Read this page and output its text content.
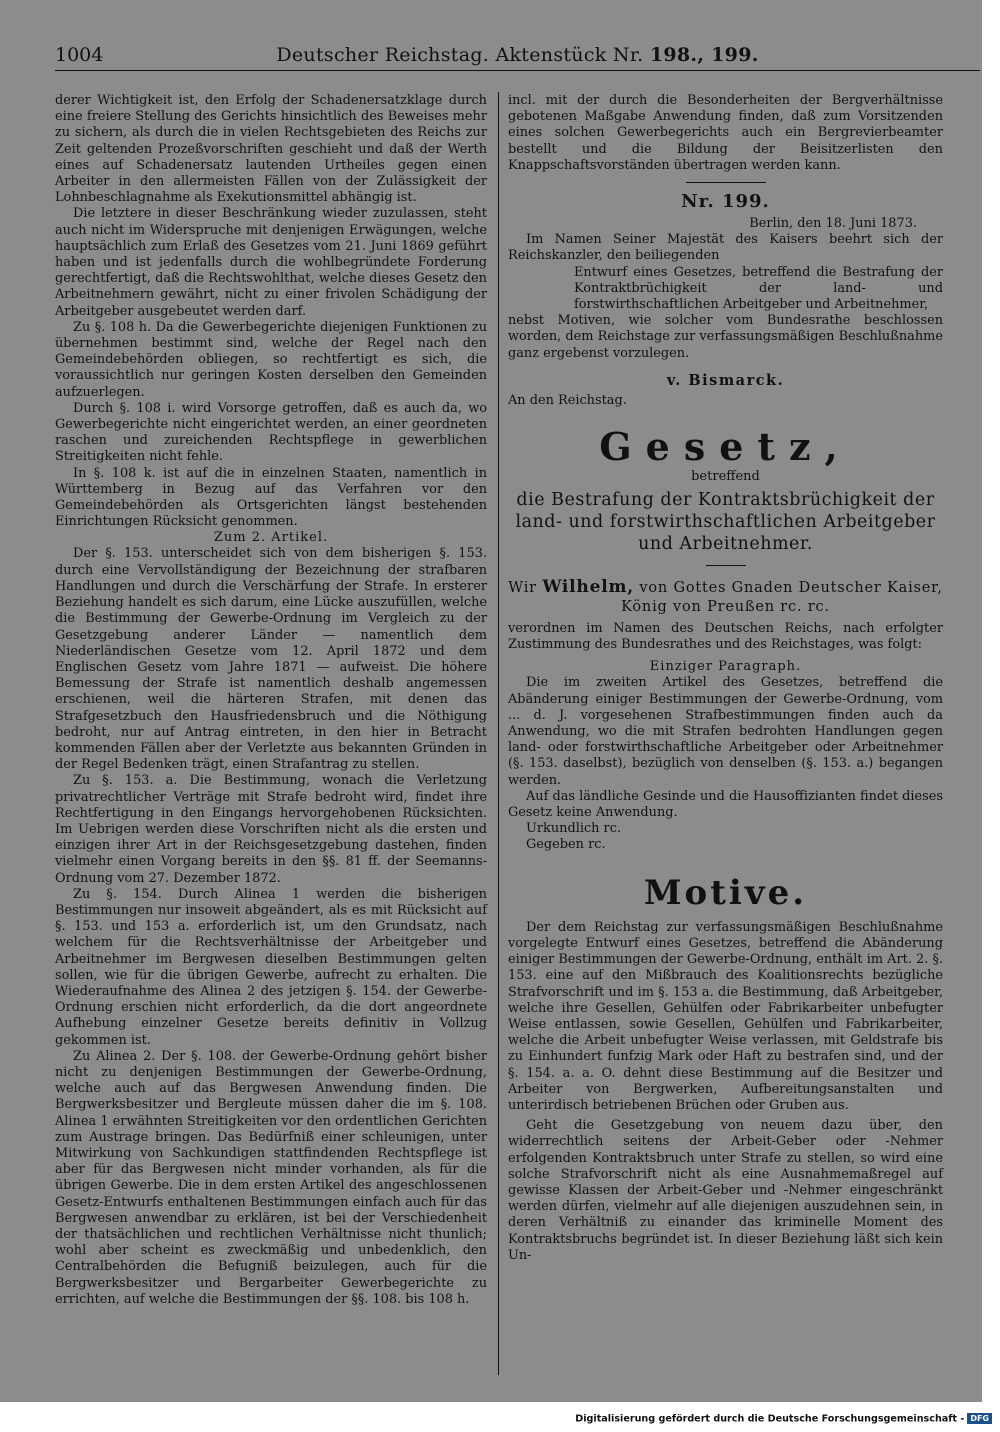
1004	Deutscher Reichstag. Aktenstück Nr. 198., 199.

derer Wichtigkeit ist, den Erfolg der Schadenersatzklage durch eine freiere Stellung des Gerichts hinsichtlich des Beweises mehr zu sichern, als durch die in vielen Rechtsgebieten des Reichs zur Zeit geltenden Prozeßvorschriften geschieht und daß der Werth eines auf Schadenersatz lautenden Urtheiles gegen einen Arbeiter in den allermeisten Fällen von der Zulässigkeit der Lohnbeschlagnahme als Exekutionsmittel abhängig ist.

Die letztere in dieser Beschränkung wieder zuzulassen, steht auch nicht im Widerspruche mit denjenigen Erwägungen, welche hauptsächlich zum Erlaß des Gesetzes vom 21. Juni 1869 geführt haben und ist jedenfalls durch die wohlbegründete Forderung gerechtfertigt, daß die Rechtswohlthat, welche dieses Gesetz den Arbeitnehmern gewährt, nicht zu einer frivolen Schädigung der Arbeitgeber ausgebeutet werden darf.

Zu §. 108 h. Da die Gewerbegerichte diejenigen Funktionen zu übernehmen bestimmt sind, welche der Regel nach den Gemeindebehörden obliegen, so rechtfertigt es sich, die voraussichtlich nur geringen Kosten derselben den Gemeinden aufzuerlegen.

Durch §. 108 i. wird Vorsorge getroffen, daß es auch da, wo Gewerbegerichte nicht eingerichtet werden, an einer geordneten raschen und zureichenden Rechtspflege in gewerblichen Streitigkeiten nicht fehle.

In §. 108 k. ist auf die in einzelnen Staaten, namentlich in Württemberg in Bezug auf das Verfahren vor den Gemeindebehörden als Ortsgerichten längst bestehenden Einrichtungen Rücksicht genommen.

Zum 2. Artikel.

Der §. 153. unterscheidet sich von dem bisherigen §. 153. durch eine Vervollständigung der Bezeichnung der strafbaren Handlungen und durch die Verschärfung der Strafe. In ersterer Beziehung handelt es sich darum, eine Lücke auszufüllen, welche die Bestimmung der Gewerbe-Ordnung im Vergleich zu der Gesetzgebung anderer Länder — namentlich dem Niederländischen Gesetze vom 12. April 1872 und dem Englischen Gesetz vom Jahre 1871 — aufweist. Die höhere Bemessung der Strafe ist namentlich deshalb angemessen erschienen, weil die härteren Strafen, mit denen das Strafgesetzbuch den Hausfriedensbruch und die Nöthigung bedroht, nur auf Antrag eintreten, in den hier in Betracht kommenden Fällen aber der Verletzte aus bekannten Gründen in der Regel Bedenken trägt, einen Strafantrag zu stellen.

Zu §. 153. a. Die Bestimmung, wonach die Verletzung privatrechtlicher Verträge mit Strafe bedroht wird, findet ihre Rechtfertigung in den Eingangs hervorgehobenen Rücksichten. Im Uebrigen werden diese Vorschriften nicht als die ersten und einzigen ihrer Art in der Reichsgesetzgebung dastehen, finden vielmehr einen Vorgang bereits in den §§. 81 ff. der Seemanns-Ordnung vom 27. Dezember 1872.

Zu §. 154. Durch Alinea 1 werden die bisherigen Bestimmungen nur insoweit abgeändert, als es mit Rücksicht auf §. 153. und 153 a. erforderlich ist, um den Grundsatz, nach welchem für die Rechtsverhältnisse der Arbeitgeber und Arbeitnehmer im Bergwesen dieselben Bestimmungen gelten sollen, wie für die übrigen Gewerbe, aufrecht zu erhalten. Die Wiederaufnahme des Alinea 2 des jetzigen §. 154. der Gewerbe-Ordnung erschien nicht erforderlich, da die dort angeordnete Aufhebung einzelner Gesetze bereits definitiv in Vollzug gekommen ist.

Zu Alinea 2. Der §. 108. der Gewerbe-Ordnung gehört bisher nicht zu denjenigen Bestimmungen der Gewerbe-Ordnung, welche auch auf das Bergwesen Anwendung finden. Die Bergwerksbesitzer und Bergleute müssen daher die im §. 108. Alinea 1 erwähnten Streitigkeiten vor den ordentlichen Gerichten zum Austrage bringen. Das Bedürfniß einer schleunigen, unter Mitwirkung von Sachkundigen stattfindenden Rechtspflege ist aber für das Bergwesen nicht minder vorhanden, als für die übrigen Gewerbe. Die in dem ersten Artikel des angeschlossenen Gesetz-Entwurfs enthaltenen Bestimmungen einfach auch für das Bergwesen anwendbar zu erklären, ist bei der Verschiedenheit der thatsächlichen und rechtlichen Verhältnisse nicht thunlich; wohl aber scheint es zweckmäßig und unbedenklich, den Centralbehörden die Befugniß beizulegen, auch für die Bergwerksbesitzer und Bergarbeiter Gewerbegerichte zu errichten, auf welche die Bestimmungen der §§. 108. bis 108 h.

incl. mit der durch die Besonderheiten der Bergverhältnisse gebotenen Maßgabe Anwendung finden, daß zum Vorsitzenden eines solchen Gewerbegerichts auch ein Bergrevierbeamter bestellt und die Bildung der Beisitzerlisten den Knappschaftsvorständen übertragen werden kann.

Nr. 199.
Berlin, den 18. Juni 1873.

Im Namen Seiner Majestät des Kaisers beehrt sich der Reichskanzler, den beiliegenden

Entwurf eines Gesetzes, betreffend die Bestrafung der Kontraktbrüchigkeit der land- und forstwirthschaftlichen Arbeitgeber und Arbeitnehmer,

nebst Motiven, wie solcher vom Bundesrathe beschlossen worden, dem Reichstage zur verfassungsmäßigen Beschlußnahme ganz ergebenst vorzulegen.

v. Bismarck.

An den Reichstag.

Gesetz,
betreffend
die Bestrafung der Kontraktsbrüchigkeit der land- und forstwirthschaftlichen Arbeitgeber und Arbeitnehmer.
Wir Wilhelm, von Gottes Gnaden Deutscher Kaiser, König von Preußen rc. rc.

verordnen im Namen des Deutschen Reichs, nach erfolgter Zustimmung des Bundesrathes und des Reichstages, was folgt:

Einziger Paragraph.

Die im zweiten Artikel des Gesetzes, betreffend die Abänderung einiger Bestimmungen der Gewerbe-Ordnung, vom ... d. J. vorgesehenen Strafbestimmungen finden auch da Anwendung, wo die mit Strafen bedrohten Handlungen gegen land- oder forstwirthschaftliche Arbeitgeber oder Arbeitnehmer (§. 153. daselbst), bezüglich von denselben (§. 153. a.) begangen werden.

Auf das ländliche Gesinde und die Hausoffizianten findet dieses Gesetz keine Anwendung.

Urkundlich rc.

Gegeben rc.

Motive.

Der dem Reichstag zur verfassungsmäßigen Beschlußnahme vorgelegte Entwurf eines Gesetzes, betreffend die Abänderung einiger Bestimmungen der Gewerbe-Ordnung, enthält im Art. 2. §. 153. eine auf den Mißbrauch des Koalitionsrechts bezügliche Strafvorschrift und im §. 153 a. die Bestimmung, daß Arbeitgeber, welche ihre Gesellen, Gehülfen oder Fabrikarbeiter unbefugter Weise entlassen, sowie Gesellen, Gehülfen und Fabrikarbeiter, welche die Arbeit unbefugter Weise verlassen, mit Geldstrafe bis zu Einhundert funfzig Mark oder Haft zu bestrafen sind, und der §. 154. a. a. O. dehnt diese Bestimmung auf die Besitzer und Arbeiter von Bergwerken, Aufbereitungsanstalten und unterirdisch betriebenen Brüchen oder Gruben aus.

Geht die Gesetzgebung von neuem dazu über, den widerrechtlich seitens der Arbeit-Geber oder -Nehmer erfolgenden Kontraktsbruch unter Strafe zu stellen, so wird eine solche Strafvorschrift nicht als eine Ausnahmemaßregel auf gewisse Klassen der Arbeit-Geber und -Nehmer eingeschränkt werden dürfen, vielmehr auf alle diejenigen auszudehnen sein, in deren Verhältniß zu einander das kriminelle Moment des Kontraktsbruchs begründet ist. In dieser Beziehung läßt sich kein Un-

Digitalisierung gefördert durch die Deutsche Forschungsgemeinschaft - DFG
